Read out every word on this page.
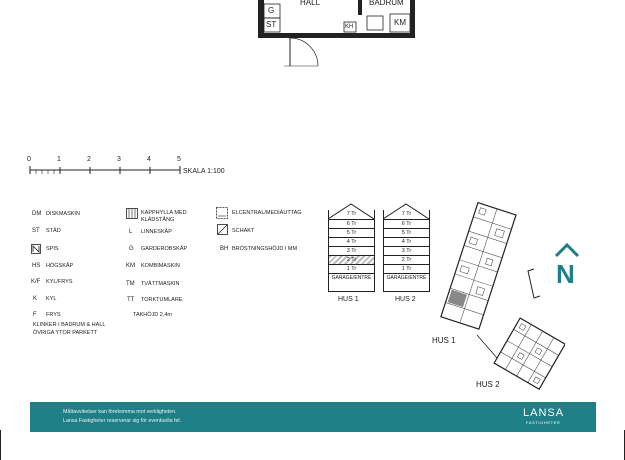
HALL	BADRUM
G
ST	KM
KH
0	1	2	3	4	5
SKALA 1:100
DM DISKMASKIN
ST	STÄD
SPIS
HS	HÖGSKÅP
K/F	KYL/FRYS
K	KYL
F	FRYS
KLINKER I BADRUM & HALL
ÖVRIGA YTOR PARKETT
KAPPHYLLA MED KLÄDSTÅNG
L	LINNESKÅP
G	GARDEROBSKÅP
KM	KOMBIMASKIN
TM	TVÄTTMASKIN
TT	TORKTUMLARE
TAKHÖJD 2,4m
ELCENTRAL/MEDIAUTTAG
SCHAKT
BH BRÖSTNINGSHÖJD I MM
7 Tr
6 Tr
5 Tr
4 Tr
3 Tr
2 Tr
1 Tr
GARAGE/ENTRÉ
HUS 1
7 Tr
6 Tr
5 Tr
4 Tr
3 Tr
2 Tr
1 Tr
GARAGE/ENTRÉ
HUS 2
HUS 1
HUS 2
N
Måttavvikelser kan förekomma mot verkligheten.
Lansa Fastigheter reserverar sig för eventuella fel.
LANSA
FASTIGHETER
